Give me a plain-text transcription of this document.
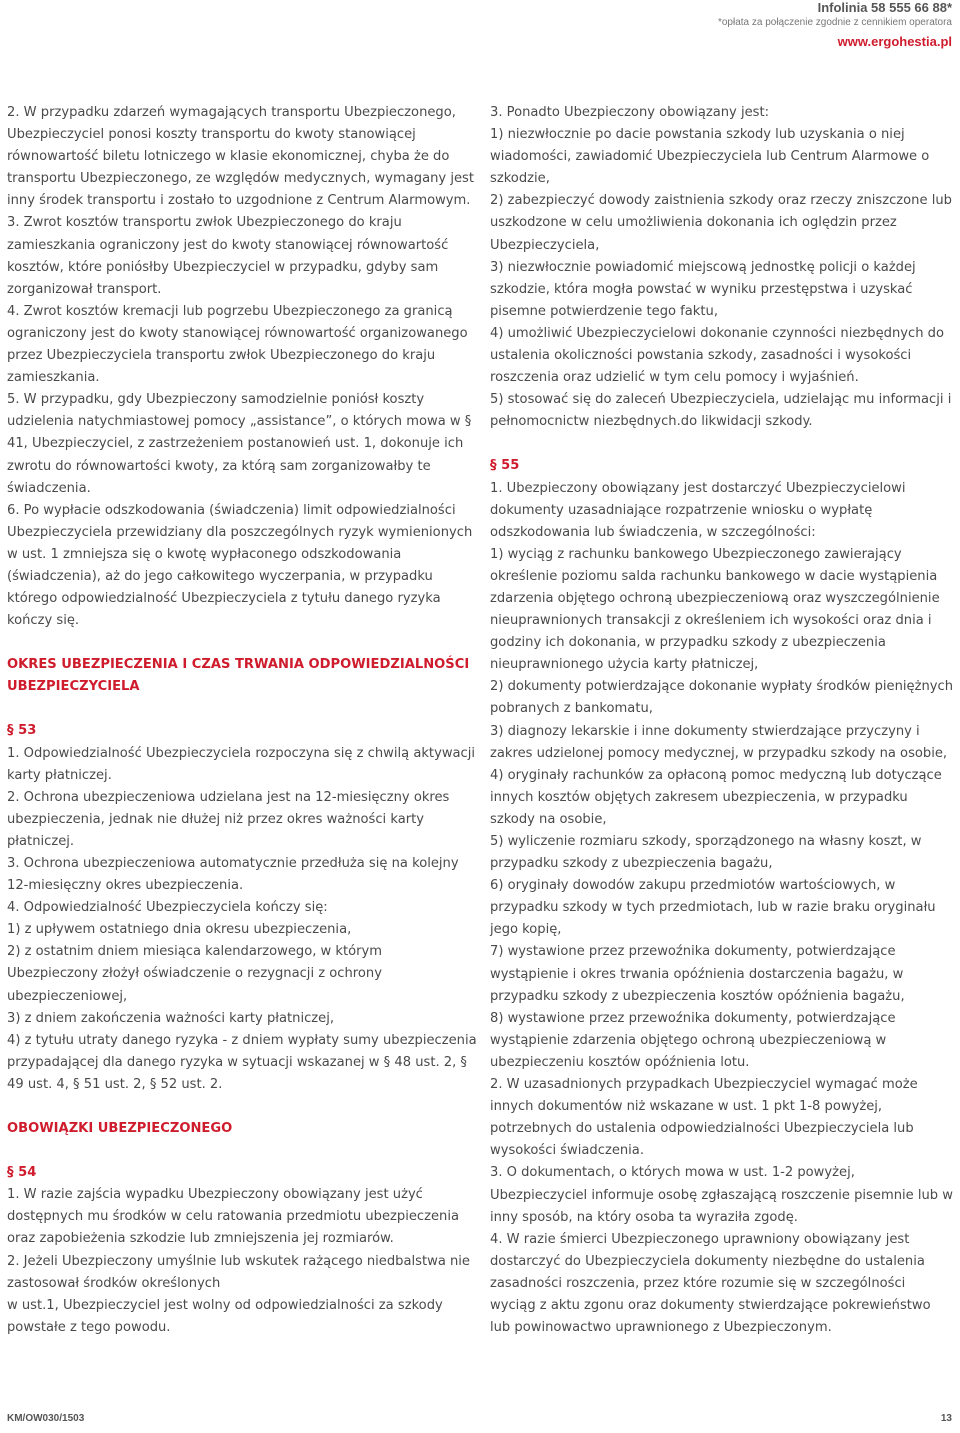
Infolinia 58 555 66 88*
*opłata za połączenie zgodnie z cennikiem operatora
www.ergohestia.pl

2. W przypadku zdarzeń wymagających transportu Ubezpieczonego, Ubezpieczyciel ponosi koszty transportu do kwoty stanowiącej równowartość biletu lotniczego w klasie ekonomicznej, chyba że do transportu Ubezpieczonego, ze względów medycznych, wymagany jest inny środek transportu i zostało to uzgodnione z Centrum Alarmowym.

3. Zwrot kosztów transportu zwłok Ubezpieczonego do kraju zamieszkania ograniczony jest do kwoty stanowiącej równowartość kosztów, które poniósłby Ubezpieczyciel w przypadku, gdyby sam zorganizował transport.

4. Zwrot kosztów kremacji lub pogrzebu Ubezpieczonego za granicą ograniczony jest do kwoty stanowiącej równowartość organizowanego przez Ubezpieczyciela transportu zwłok Ubezpieczonego do kraju zamieszkania.

5. W przypadku, gdy Ubezpieczony samodzielnie poniósł koszty udzielenia natychmiastowej pomocy „assistance”, o których mowa w § 41, Ubezpieczyciel, z zastrzeżeniem postanowień ust. 1, dokonuje ich zwrotu do równowartości kwoty, za którą sam zorganizowałby te świadczenia.

6. Po wypłacie odszkodowania (świadczenia) limit odpowiedzialności Ubezpieczyciela przewidziany dla poszczególnych ryzyk wymienionych w ust. 1 zmniejsza się o kwotę wypłaconego odszkodowania (świadczenia), aż do jego całkowitego wyczerpania, w przypadku którego odpowiedzialność Ubezpieczyciela z tytułu danego ryzyka kończy się.

OKRES UBEZPIECZENIA I CZAS TRWANIA ODPOWIEDZIALNOŚCI UBEZPIECZYCIELA

§ 53

1. Odpowiedzialność Ubezpieczyciela rozpoczyna się z chwilą aktywacji karty płatniczej.

2. Ochrona ubezpieczeniowa udzielana jest na 12-miesięczny okres ubezpieczenia, jednak nie dłużej niż przez okres ważności karty płatniczej.

3. Ochrona ubezpieczeniowa automatycznie przedłuża się na kolejny 12-miesięczny okres ubezpieczenia.

4. Odpowiedzialność Ubezpieczyciela kończy się:

1) z upływem ostatniego dnia okresu ubezpieczenia,

2) z ostatnim dniem miesiąca kalendarzowego, w którym Ubezpieczony złożył oświadczenie o rezygnacji z ochrony ubezpieczeniowej,

3) z dniem zakończenia ważności karty płatniczej,

4) z tytułu utraty danego ryzyka - z dniem wypłaty sumy ubezpieczenia przypadającej dla danego ryzyka w sytuacji wskazanej w § 48 ust. 2, § 49 ust. 4, § 51 ust. 2, § 52 ust. 2.

OBOWIĄZKI UBEZPIECZONEGO

§ 54

1. W razie zajścia wypadku Ubezpieczony obowiązany jest użyć dostępnych mu środków w celu ratowania przedmiotu ubezpieczenia oraz zapobieżenia szkodzie lub zmniejszenia jej rozmiarów.

2. Jeżeli Ubezpieczony umyślnie lub wskutek rażącego niedbalstwa nie zastosował środków określonych

w ust.1, Ubezpieczyciel jest wolny od odpowiedzialności za szkody powstałe z tego powodu.

3. Ponadto Ubezpieczony obowiązany jest:

1) niezwłocznie po dacie powstania szkody lub uzyskania o niej wiadomości, zawiadomić Ubezpieczyciela lub Centrum Alarmowe o szkodzie,

2) zabezpieczyć dowody zaistnienia szkody oraz rzeczy zniszczone lub uszkodzone w celu umożliwienia dokonania ich oględzin przez Ubezpieczyciela,

3) niezwłocznie powiadomić miejscową jednostkę policji o każdej szkodzie, która mogła powstać w wyniku przestępstwa i uzyskać pisemne potwierdzenie tego faktu,

4) umożliwić Ubezpieczycielowi dokonanie czynności niezbędnych do ustalenia okoliczności powstania szkody, zasadności i wysokości roszczenia oraz udzielić w tym celu pomocy i wyjaśnień.

5) stosować się do zaleceń Ubezpieczyciela, udzielając mu informacji i pełnomocnictw niezbędnych.do likwidacji szkody.

§ 55

1. Ubezpieczony obowiązany jest dostarczyć Ubezpieczycielowi dokumenty uzasadniające rozpatrzenie wniosku o wypłatę odszkodowania lub świadczenia, w szczególności:

1) wyciąg z rachunku bankowego Ubezpieczonego zawierający określenie poziomu salda rachunku bankowego w dacie wystąpienia zdarzenia objętego ochroną ubezpieczeniową oraz wyszczególnienie nieuprawnionych transakcji z określeniem ich wysokości oraz dnia i godziny ich dokonania, w przypadku szkody z ubezpieczenia nieuprawnionego użycia karty płatniczej,

2) dokumenty potwierdzające dokonanie wypłaty środków pieniężnych pobranych z bankomatu,

3) diagnozy lekarskie i inne dokumenty stwierdzające przyczyny i zakres udzielonej pomocy medycznej, w przypadku szkody na osobie,

4) oryginały rachunków za opłaconą pomoc medyczną lub dotyczące innych kosztów objętych zakresem ubezpieczenia, w przypadku szkody na osobie,

5) wyliczenie rozmiaru szkody, sporządzonego na własny koszt, w przypadku szkody z ubezpieczenia bagażu,

6) oryginały dowodów zakupu przedmiotów wartościowych, w przypadku szkody w tych przedmiotach, lub w razie braku oryginału jego kopię,

7) wystawione przez przewoźnika dokumenty, potwierdzające wystąpienie i okres trwania opóźnienia dostarczenia bagażu, w przypadku szkody z ubezpieczenia kosztów opóźnienia bagażu,

8) wystawione przez przewoźnika dokumenty, potwierdzające wystąpienie zdarzenia objętego ochroną ubezpieczeniową w ubezpieczeniu kosztów opóźnienia lotu.

2. W uzasadnionych przypadkach Ubezpieczyciel wymagać może innych dokumentów niż wskazane w ust. 1 pkt 1-8 powyżej, potrzebnych do ustalenia odpowiedzialności Ubezpieczyciela lub wysokości świadczenia.

3. O dokumentach, o których mowa w ust. 1-2 powyżej, Ubezpieczyciel informuje osobę zgłaszającą roszczenie pisemnie lub w inny sposób, na który osoba ta wyraziła zgodę.

4. W razie śmierci Ubezpieczonego uprawniony obowiązany jest dostarczyć do Ubezpieczyciela dokumenty niezbędne do ustalenia zasadności roszczenia, przez które rozumie się w szczególności wyciąg z aktu zgonu oraz dokumenty stwierdzające pokrewieństwo lub powinowactwo uprawnionego z Ubezpieczonym.

KM/OW030/1503	13
